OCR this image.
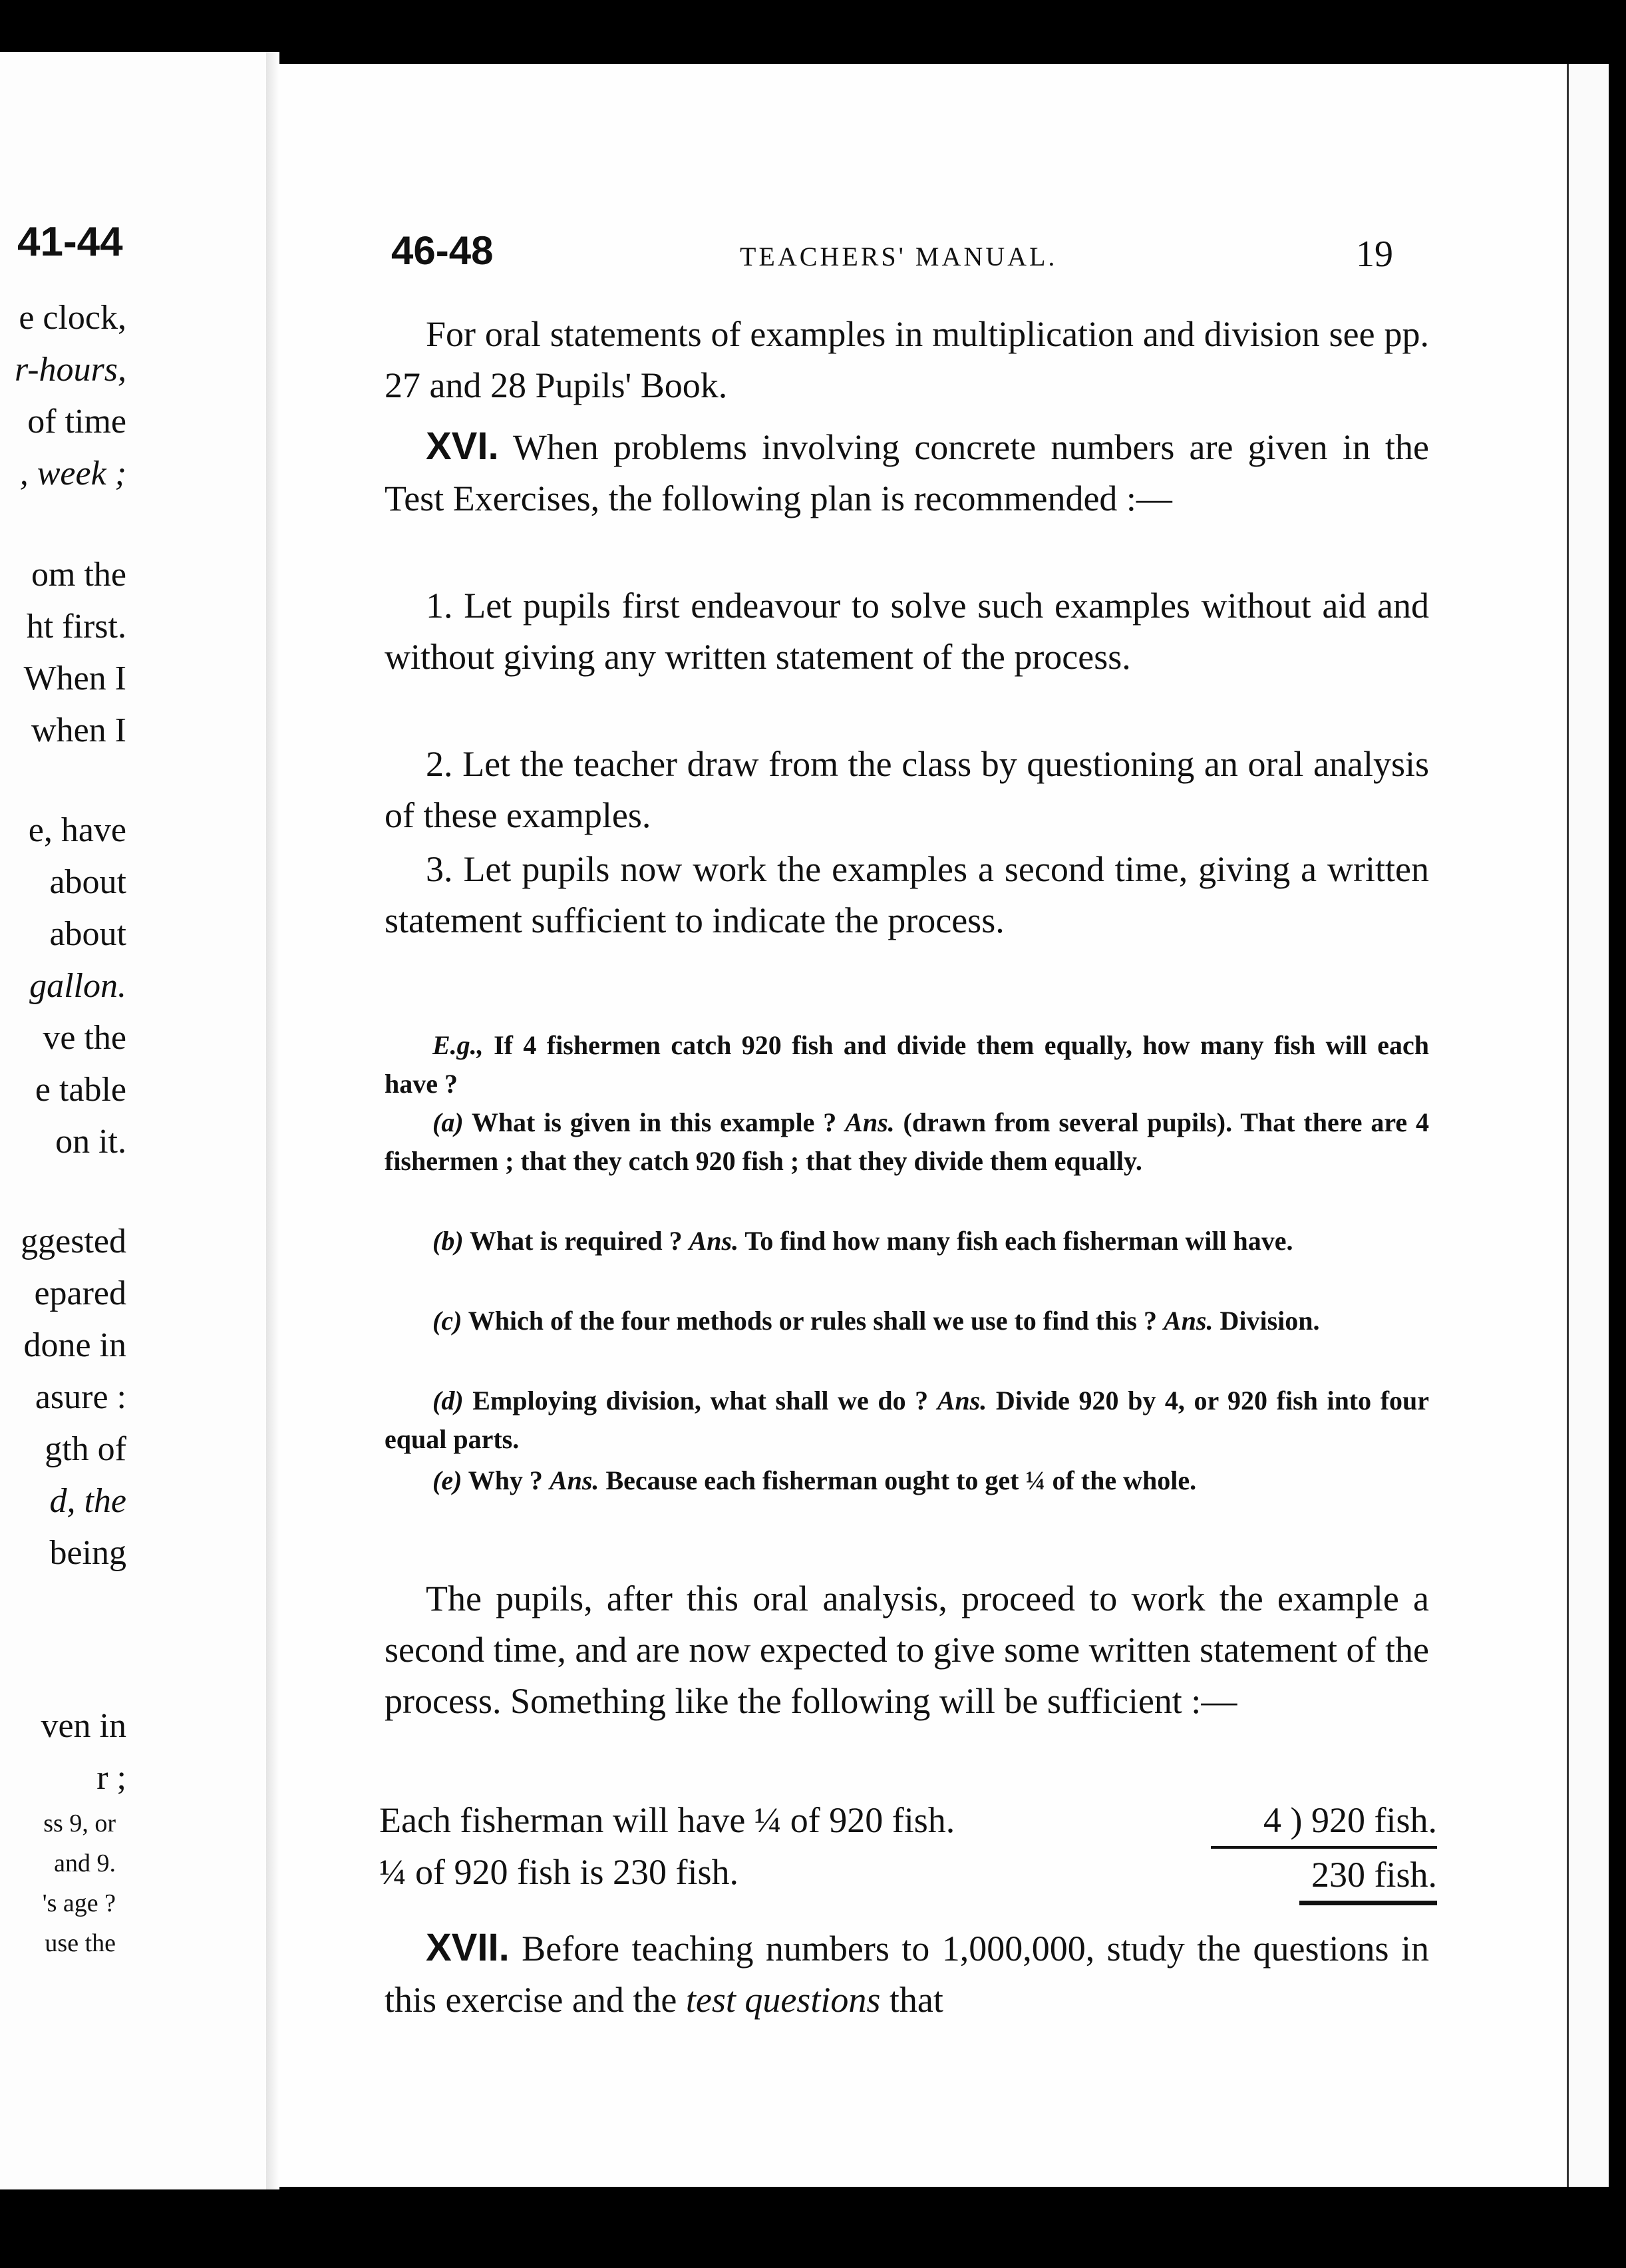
41-44
e clock,
r-hours,
of time
, week ;
om the
ht first.
When I
when I
e, have
about
about
gallon.
ve the
e table
on it.
ggested
epared
done in
asure :
gth of
d, the
being
ven in
r ;
ss 9, or
and 9.
's age ?
use the
46-48	TEACHERS' MANUAL.	19
For oral statements of examples in multiplication and division see pp. 27 and 28 Pupils' Book.
XVI. When problems involving concrete numbers are given in the Test Exercises, the following plan is recommended :—
1. Let pupils first endeavour to solve such examples without aid and without giving any written statement of the process.
2. Let the teacher draw from the class by questioning an oral analysis of these examples.
3. Let pupils now work the examples a second time, giving a written statement sufficient to indicate the process.
E.g., If 4 fishermen catch 920 fish and divide them equally, how many fish will each have ?
(a) What is given in this example ? Ans. (drawn from several pupils). That there are 4 fishermen ; that they catch 920 fish ; that they divide them equally.
(b) What is required ? Ans. To find how many fish each fisherman will have.
(c) Which of the four methods or rules shall we use to find this ? Ans. Division.
(d) Employing division, what shall we do ? Ans. Divide 920 by 4, or 920 fish into four equal parts.
(e) Why ? Ans. Because each fisherman ought to get ¼ of the whole.
The pupils, after this oral analysis, proceed to work the example a second time, and are now expected to give some written statement of the process. Something like the following will be sufficient :—
Each fisherman will have ¼ of 920 fish.
¼ of 920 fish is 230 fish.
4 ) 920 fish.
230 fish.
XVII. Before teaching numbers to 1,000,000, study the questions in this exercise and the test questions that
